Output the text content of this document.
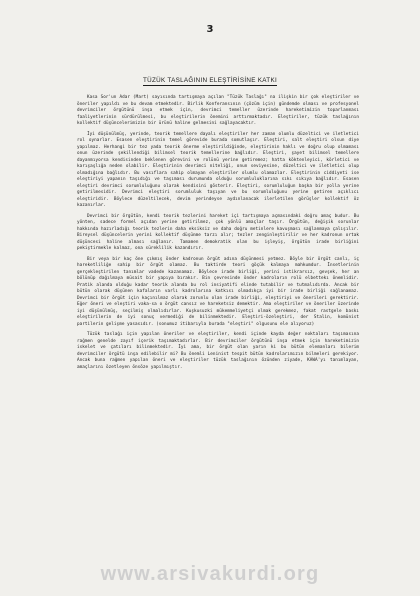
3
TÜZÜK TASLAĞININ ELEŞTİRİSİNE KATKI

Kasa Sor'un Adar (Mart) sayısında tartışmaya açılan "Tüzük Taslağı" na ilişkin bir çok eleştiriler ve öneriler yapıldı ve bu devam etmektedir. Birlik Konferansının (çözüm için) gündemde olması ve profesyonel devrimciler örgütünü inşa etmek için, devrimci temeller üzerinde hareketimizin toparlanması faaliyetlerinin sürdürülmesi, bu eleştirilerin önemini arttırmaktadır. Eleştiriler, tüzük taslağının kollektif düşüncelerimizin bir ürünü haline gelmesini sağlayacaktır.

İyi düşünülmüş, yerinde, teorik temellere dayalı eleştiriler her zaman olumlu düzeltici ve iletletici rol oynarlar. Esasen eleştirinin temel görevide burada somutlaşır. Eleştiri, salt eleştiri olsun diye yapılmaz. Herhangi bir tez yada teorik önerme eleştirildiğinde, eleştirinin haklı ve doğru olup olmaması onun üzerinde şekillendiği bilimsel teorik temellerine bağlıdır. Eleştiri, şayet bilimsel temellere dayanmıyorsa kendisinden beklenen görevini ve rolünü yerine getiremez; hatta köktenleyici, körletici ve karışaşlığa neden olabilir. Eleştirinin devrimci niteliği, onun seviyesine, düzeltici ve iletletici olup olmadığına bağlıdır. Bu vasıflara sahip olmayan eleştiriler olumlu olamazlar. Eleştirinin ciddiyeti ise eleştiriyi yapanın taşıdığı ve taşıması durumunda olduğu sorumluluklarına sıkı sıkıya bağlıdır. Esasen eleştiri devrimci sorumluluğunu olarak kendisini gösterir. Eleştiri, sorumluluğun başka bir yolla yerine getirilmesidir. Devrimci eleştiri sorumluluk taşıyan ve bu sorumluluğunu yerine getiren açıklıcı eleştiridir. Böylece düzeltilecek, devim yerindeyse aydınlanacak ilerletilen görüşler kollektif öz kazanırlar.

Devrimci bir örgütün, kendi teorik tezlerini hareket içi tartışmaya açmasındaki doğru amaç budur. Bu yönten, sadece formel açıdan yerine getirilmez, çok yönlü amaçlar taşır. Örgütün, değişik sorunlar hakkında hazırladığı teorik tezlerin daha eksiksiz ve daha doğru metinlere kavuşması sağlanmaya çalışılır. Bireysel düşüncelerin yerini kollektif düşünme tarzı alır; tezler zenginleştirilir ve her kadronun ortak düşüncesi haline alması sağlanır. Tamamen demokratik olan bu işleyiş, örgütün irade birliğini pekiştirmekle kalmaz, ona süreklilik kazandırır.

Bir veya bir kaç öne çıkmış önder kadronun örgüt adına düşünmesi yetmez. Böyle bir örgüt canlı, iç hareketliliğe sahip bir örgüt olamaz. Bu taktirde teori göçük kalmaya mahkumdur. İnsetlerinin gerçekleştirilen tanımlar vadede kazanamaz. Böylece irade birliği, yerini istikrarsız, gevşek, her an bölünüp dağılmaya müsait bir yapıya bırakır. Bin çevresinde önder kadroların rolü elbettekı önemlidir. Pratik alanda olduğu kadar teorik alanda bu rol insiyatifi elinde tutabilir ve tutmalıdırda. Ancak bir bütün olarak düşünen kafaların varlı kadrolarına katkısı olmadıkça iyi bir irade birliği sağlanamaz. Devrimci bir örgüt için kaçınılmaz olarak zorunlu olan irade birliği, eleştiriyi ve önerileri gerektirir. Eğer öneri ve eleştiri vaka-sa o örgüt cansız ve hareketsiz demektir. Ama eleştiriler ve öneriler üzerinde iyi düşünülmüş, seçilmiş olmalıdırlar. Kuşkusuzki mükemmeliyetçi olmak gerekmez, fakat rastgele baskı eleştirilerin de iyi sonuç vermediği de bilinmektedir. Eleştiri-özeleştiri, der Stalin, komünist partilerin gelişme yasasıdır. (sonumuz itibarıyla burada "eleştiri" olgusunu ele alıyoruz)

Tüzük taslağı için yapılan öneriler ve eleştiriler, kendi içinde kayda değer noktaları taşımasına rağmen genelde zayıf içerik taşımaktadırlar. Bir devrimciler örgütünü inşa etmek için hareketimizin iskelet ve çatıları bilinmektedir. İyi ama, bir örgüt olan yarın ki bu bütün elemanları bilerim devrimciler örgütü inşa edilebilir mi? Bu önemli Leninist tespit bütün kadrolarımızın bilmeleri gerekiyor. Ancak buna rağmen yapılan öneri ve eleştiriler tüzük taslağının özünden ziyade, KAWA'yı tanımlayan, amaçlarını özetleyen önsöze yapılmıştır.

www.arsivakurdi.org
